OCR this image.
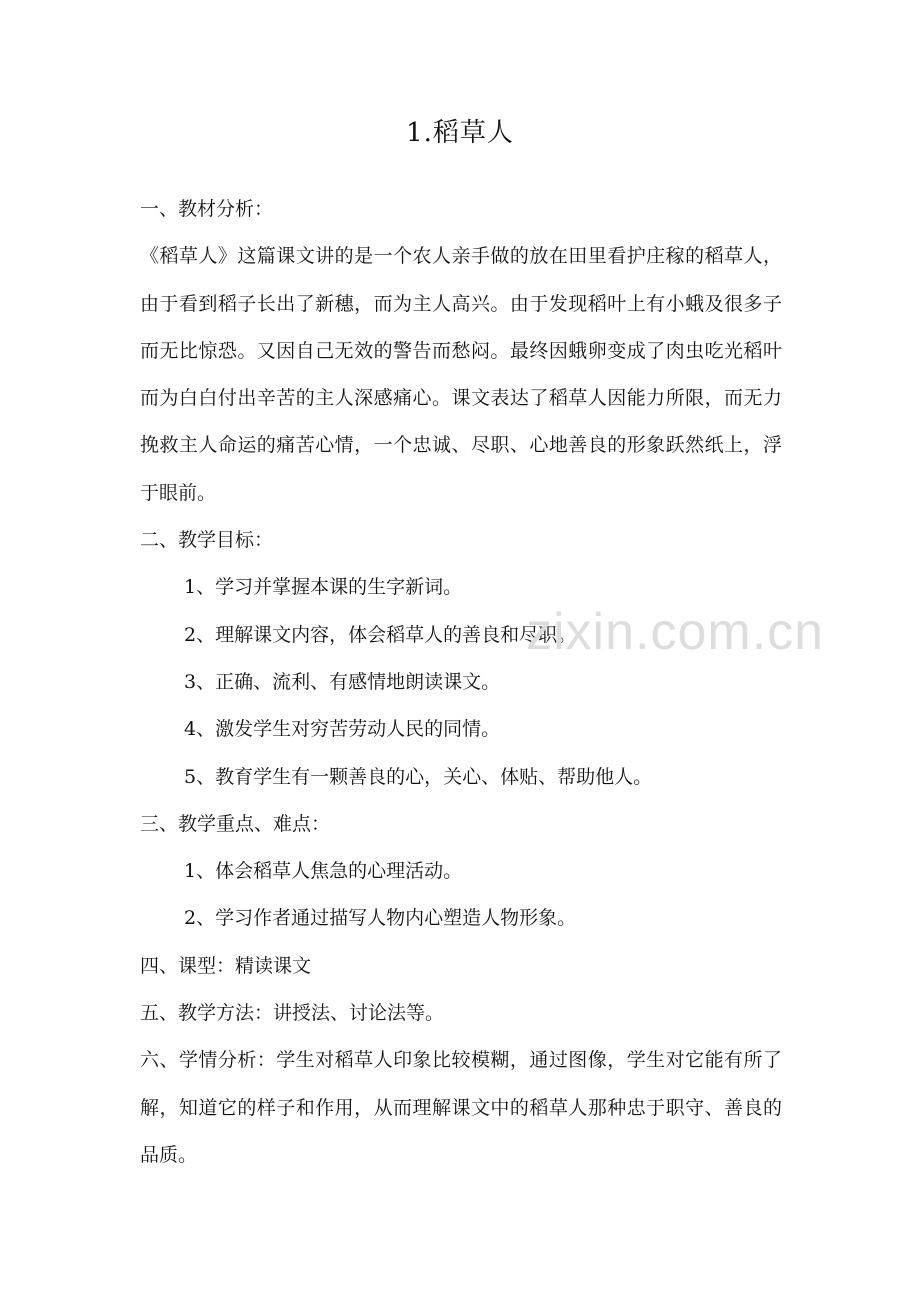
1.稻草人

一、教材分析：

《稻草人》这篇课文讲的是一个农人亲手做的放在田里看护庄稼的稻草人，由于看到稻子长出了新穗，而为主人高兴。由于发现稻叶上有小蛾及很多子而无比惊恐。又因自己无效的警告而愁闷。最终因蛾卵变成了肉虫吃光稻叶而为白白付出辛苦的主人深感痛心。课文表达了稻草人因能力所限，而无力挽救主人命运的痛苦心情，一个忠诚、尽职、心地善良的形象跃然纸上，浮于眼前。

二、教学目标：

1、学习并掌握本课的生字新词。

2、理解课文内容，体会稻草人的善良和尽职。

3、正确、流利、有感情地朗读课文。

4、激发学生对穷苦劳动人民的同情。

5、教育学生有一颗善良的心，关心、体贴、帮助他人。

三、教学重点、难点：

1、体会稻草人焦急的心理活动。

2、学习作者通过描写人物内心塑造人物形象。

四、课型：精读课文

五、教学方法：讲授法、讨论法等。

六、学情分析：学生对稻草人印象比较模糊，通过图像，学生对它能有所了解，知道它的样子和作用，从而理解课文中的稻草人那种忠于职守、善良的品质。

zixin.com.cn
